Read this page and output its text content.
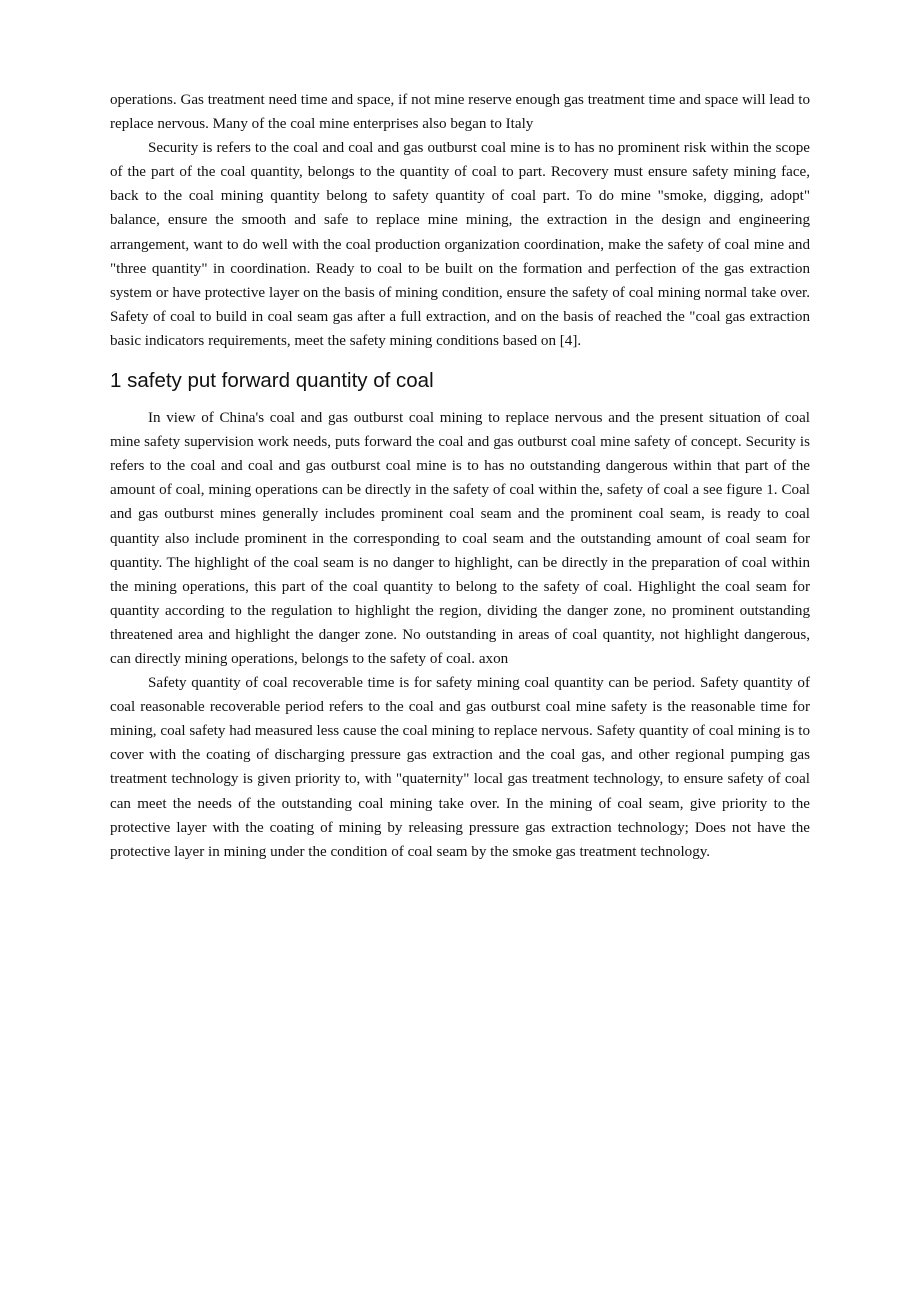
operations. Gas treatment need time and space, if not mine reserve enough gas treatment time and space will lead to replace nervous. Many of the coal mine enterprises also began to Italy

Security is refers to the coal and coal and gas outburst coal mine is to has no prominent risk within the scope of the part of the coal quantity, belongs to the quantity of coal to part. Recovery must ensure safety mining face, back to the coal mining quantity belong to safety quantity of coal part. To do mine "smoke, digging, adopt" balance, ensure the smooth and safe to replace mine mining, the extraction in the design and engineering arrangement, want to do well with the coal production organization coordination, make the safety of coal mine and "three quantity" in coordination. Ready to coal to be built on the formation and perfection of the gas extraction system or have protective layer on the basis of mining condition, ensure the safety of coal mining normal take over. Safety of coal to build in coal seam gas after a full extraction, and on the basis of reached the "coal gas extraction basic indicators requirements, meet the safety mining conditions based on [4].

1 safety put forward quantity of coal

In view of China's coal and gas outburst coal mining to replace nervous and the present situation of coal mine safety supervision work needs, puts forward the coal and gas outburst coal mine safety of concept. Security is refers to the coal and coal and gas outburst coal mine is to has no outstanding dangerous within that part of the amount of coal, mining operations can be directly in the safety of coal within the, safety of coal a see figure 1. Coal and gas outburst mines generally includes prominent coal seam and the prominent coal seam, is ready to coal quantity also include prominent in the corresponding to coal seam and the outstanding amount of coal seam for quantity. The highlight of the coal seam is no danger to highlight, can be directly in the preparation of coal within the mining operations, this part of the coal quantity to belong to the safety of coal. Highlight the coal seam for quantity according to the regulation to highlight the region, dividing the danger zone, no prominent outstanding threatened area and highlight the danger zone. No outstanding in areas of coal quantity, not highlight dangerous, can directly mining operations, belongs to the safety of coal. axon

Safety quantity of coal recoverable time is for safety mining coal quantity can be period. Safety quantity of coal reasonable recoverable period refers to the coal and gas outburst coal mine safety is the reasonable time for mining, coal safety had measured less cause the coal mining to replace nervous. Safety quantity of coal mining is to cover with the coating of discharging pressure gas extraction and the coal gas, and other regional pumping gas treatment technology is given priority to, with "quaternity" local gas treatment technology, to ensure safety of coal can meet the needs of the outstanding coal mining take over. In the mining of coal seam, give priority to the protective layer with the coating of mining by releasing pressure gas extraction technology; Does not have the protective layer in mining under the condition of coal seam by the smoke gas treatment technology.
